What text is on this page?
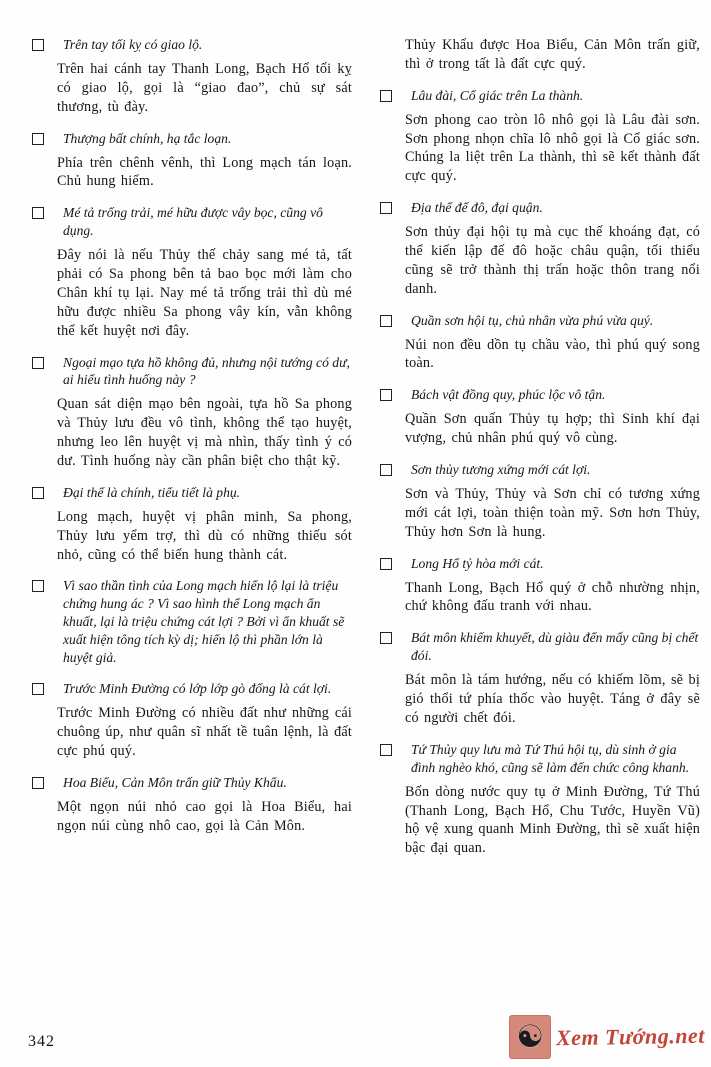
Trên tay tối kỵ có giao lộ.

Trên hai cánh tay Thanh Long, Bạch Hổ tối kỵ có giao lộ, gọi là “giao đao”, chủ sự sát thương, tù đày.

Thượng bất chính, hạ tắc loạn.

Phía trên chênh vênh, thì Long mạch tán loạn. Chủ hung hiểm.

Mé tả trống trải, mé hữu được vây bọc, cũng vô dụng.

Đây nói là nếu Thủy thế chảy sang mé tả, tất phải có Sa phong bên tả bao bọc mới làm cho Chân khí tụ lại. Nay mé tả trống trải thì dù mé hữu được nhiều Sa phong vây kín, vẫn không thể kết huyệt nơi đây.

Ngoại mạo tựa hồ không đủ, nhưng nội tướng có dư, ai hiểu tình huống này ?

Quan sát diện mạo bên ngoài, tựa hồ Sa phong và Thủy lưu đều vô tình, không thể tạo huyệt, nhưng leo lên huyệt vị mà nhìn, thấy tình ý có dư. Tình huống này cần phân biệt cho thật kỹ.

Đại thể là chính, tiểu tiết là phụ.

Long mạch, huyệt vị phân minh, Sa phong, Thủy lưu yểm trợ, thì dù có những thiếu sót nhỏ, cũng có thể biến hung thành cát.

Vì sao thần tình của Long mạch hiển lộ lại là triệu chứng hung ác ? Vì sao hình thể Long mạch ẩn khuất, lại là triệu chứng cát lợi ? Bởi vì ẩn khuất sẽ xuất hiện tông tích kỳ dị; hiển lộ thì phần lớn là huyệt giả.
Trước Minh Đường có lớp lớp gò đống là cát lợi.

Trước Minh Đường có nhiều đất như những cái chuông úp, như quân sĩ nhất tề tuân lệnh, là đất cực phú quý.

Hoa Biểu, Cản Môn trấn giữ Thủy Khẩu.

Một ngọn núi nhỏ cao gọi là Hoa Biểu, hai ngọn núi cùng nhô cao, gọi là Cản Môn.

Thủy Khẩu được Hoa Biểu, Cản Môn trấn giữ, thì ở trong tất là đất cực quý.

Lâu đài, Cổ giác trên La thành.

Sơn phong cao tròn lô nhô gọi là Lâu đài sơn. Sơn phong nhọn chĩa lô nhô gọi là Cổ giác sơn. Chúng la liệt trên La thành, thì sẽ kết thành đất cực quý.

Địa thế đế đô, đại quận.

Sơn thủy đại hội tụ mà cục thế khoáng đạt, có thể kiến lập đế đô hoặc châu quận, tối thiểu cũng sẽ trở thành thị trấn hoặc thôn trang nổi danh.

Quần sơn hội tụ, chủ nhân vừa phú vừa quý.

Núi non đều dồn tụ chầu vào, thì phú quý song toàn.

Bách vật đồng quy, phúc lộc vô tận.

Quần Sơn quấn Thủy tụ hợp; thì Sinh khí đại vượng, chủ nhân phú quý vô cùng.

Sơn thủy tương xứng mới cát lợi.

Sơn và Thủy, Thủy và Sơn chỉ có tương xứng mới cát lợi, toàn thiện toàn mỹ. Sơn hơn Thủy, Thủy hơn Sơn là hung.

Long Hổ tỷ hòa mới cát.

Thanh Long, Bạch Hổ quý ở chỗ nhường nhịn, chứ không đấu tranh với nhau.

Bát môn khiếm khuyết, dù giàu đến mấy cũng bị chết đói.

Bát môn là tám hướng, nếu có khiếm lõm, sẽ bị gió thổi tứ phía thốc vào huyệt. Táng ở đây sẽ có người chết đói.

Tứ Thủy quy lưu mà Tứ Thú hội tụ, dù sinh ở gia đình nghèo khó, cũng sẽ làm đến chức công khanh.

Bốn dòng nước quy tụ ở Minh Đường, Tứ Thú (Thanh Long, Bạch Hổ, Chu Tước, Huyền Vũ) hộ vệ xung quanh Minh Đường, thì sẽ xuất hiện bậc đại quan.

342	☯ Xem Tướng.net
